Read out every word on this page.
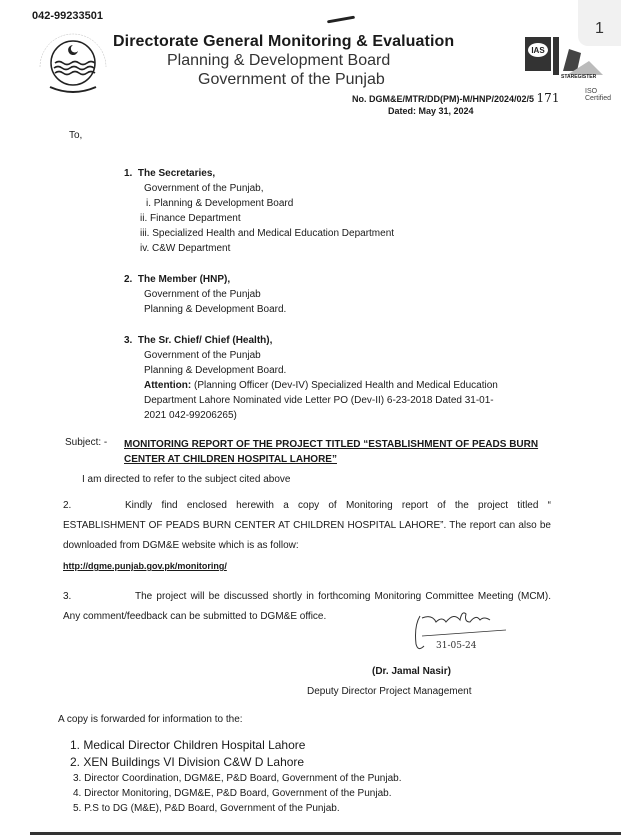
042-99233501
Directorate General Monitoring & Evaluation
Planning & Development Board
Government of the Punjab
IAS
STAREGISTER
1
No. DGM&E/MTR/DD(PM)-M/HNP/2024/02/5 171	ISO Certified
Dated: May 31, 2024
To,
1. The Secretaries,
Government of the Punjab,
i. Planning & Development Board
ii. Finance Department
iii. Specialized Health and Medical Education Department
iv. C&W Department
2. The Member (HNP),
Government of the Punjab
Planning & Development Board.
3. The Sr. Chief/ Chief (Health),
Government of the Punjab
Planning & Development Board.
Attention: (Planning Officer (Dev-IV) Specialized Health and Medical Education Department Lahore Nominated vide Letter PO (Dev-II) 6-23-2018 Dated 31-01-2021 042-99206265)
Subject: - MONITORING REPORT OF THE PROJECT TITLED “ESTABLISHMENT OF PEADS BURN CENTER AT CHILDREN HOSPITAL LAHORE”
I am directed to refer to the subject cited above
2.	Kindly find enclosed herewith a copy of Monitoring report of the project titled “ ESTABLISHMENT OF PEADS BURN CENTER AT CHILDREN HOSPITAL LAHORE”. The report can also be downloaded from DGM&E website which is as follow:
http://dgme.punjab.gov.pk/monitoring/
3.	The project will be discussed shortly in forthcoming Monitoring Committee Meeting (MCM). Any comment/feedback can be submitted to DGM&E office.
31-05-24
(Dr. Jamal Nasir)
Deputy Director Project Management
A copy is forwarded for information to the:
1. Medical Director Children Hospital Lahore
2. XEN Buildings VI Division C&W D Lahore
3. Director Coordination, DGM&E, P&D Board, Government of the Punjab.
4. Director Monitoring, DGM&E, P&D Board, Government of the Punjab.
5. P.S to DG (M&E), P&D Board, Government of the Punjab.
